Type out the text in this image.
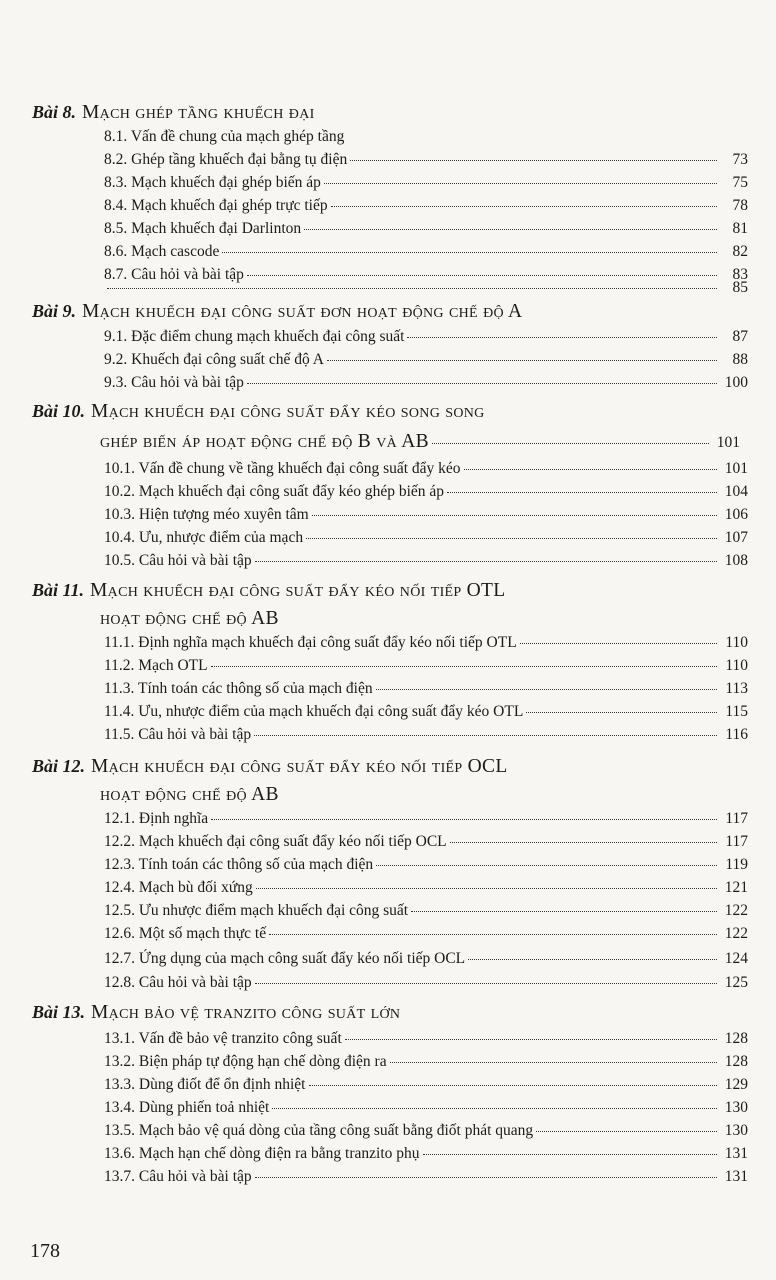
Bài 8. Mạch ghép tầng khuếch đại
8.1. Vấn đề chung của mạch ghép tầng
8.2. Ghép tầng khuếch đại bằng tụ điện	73
8.3. Mạch khuếch đại ghép biến áp	75
8.4. Mạch khuếch đại ghép trực tiếp	78
8.5. Mạch khuếch đại Darlinton	81
8.6. Mạch cascode	82
8.7. Câu hỏi và bài tập	83
85
Bài 9. Mạch khuếch đại công suất đơn hoạt động chế độ A
9.1. Đặc điểm chung mạch khuếch đại công suất	87
9.2. Khuếch đại công suất chế độ A	88
9.3. Câu hỏi và bài tập	100
Bài 10. Mạch khuếch đại công suất đẩy kéo song song
ghép biến áp hoạt động chế độ B và AB	101
10.1. Vấn đề chung về tầng khuếch đại công suất đẩy kéo	101
10.2. Mạch khuếch đại công suất đẩy kéo ghép biến áp	104
10.3. Hiện tượng méo xuyên tâm	106
10.4. Ưu, nhược điểm của mạch	107
10.5. Câu hỏi và bài tập	108
Bài 11. Mạch khuếch đại công suất đẩy kéo nối tiếp OTL
hoạt động chế độ AB
11.1. Định nghĩa mạch khuếch đại công suất đẩy kéo nối tiếp OTL	110
11.2. Mạch OTL	110
11.3. Tính toán các thông số của mạch điện	113
11.4. Ưu, nhược điểm của mạch khuếch đại công suất đẩy kéo OTL	115
11.5. Câu hỏi và bài tập	116
Bài 12. Mạch khuếch đại công suất đẩy kéo nối tiếp OCL
hoạt động chế độ AB
12.1. Định nghĩa	117
12.2. Mạch khuếch đại công suất đẩy kéo nối tiếp OCL	117
12.3. Tính toán các thông số của mạch điện	119
12.4. Mạch bù đối xứng	121
12.5. Ưu nhược điểm mạch khuếch đại công suất	122
12.6. Một số mạch thực tế	122
12.7. Ứng dụng của mạch công suất đẩy kéo nối tiếp OCL	124
12.8. Câu hỏi và bài tập	125
Bài 13. Mạch bảo vệ tranzito công suất lớn
13.1. Vấn đề bảo vệ tranzito công suất	128
13.2. Biện pháp tự động hạn chế dòng điện ra	128
13.3. Dùng điốt để ổn định nhiệt	129
13.4. Dùng phiến toả nhiệt	130
13.5. Mạch bảo vệ quá dòng của tầng công suất bằng điốt phát quang	130
13.6. Mạch hạn chế dòng điện ra bằng tranzito phụ	131
13.7. Câu hỏi và bài tập	131
178
